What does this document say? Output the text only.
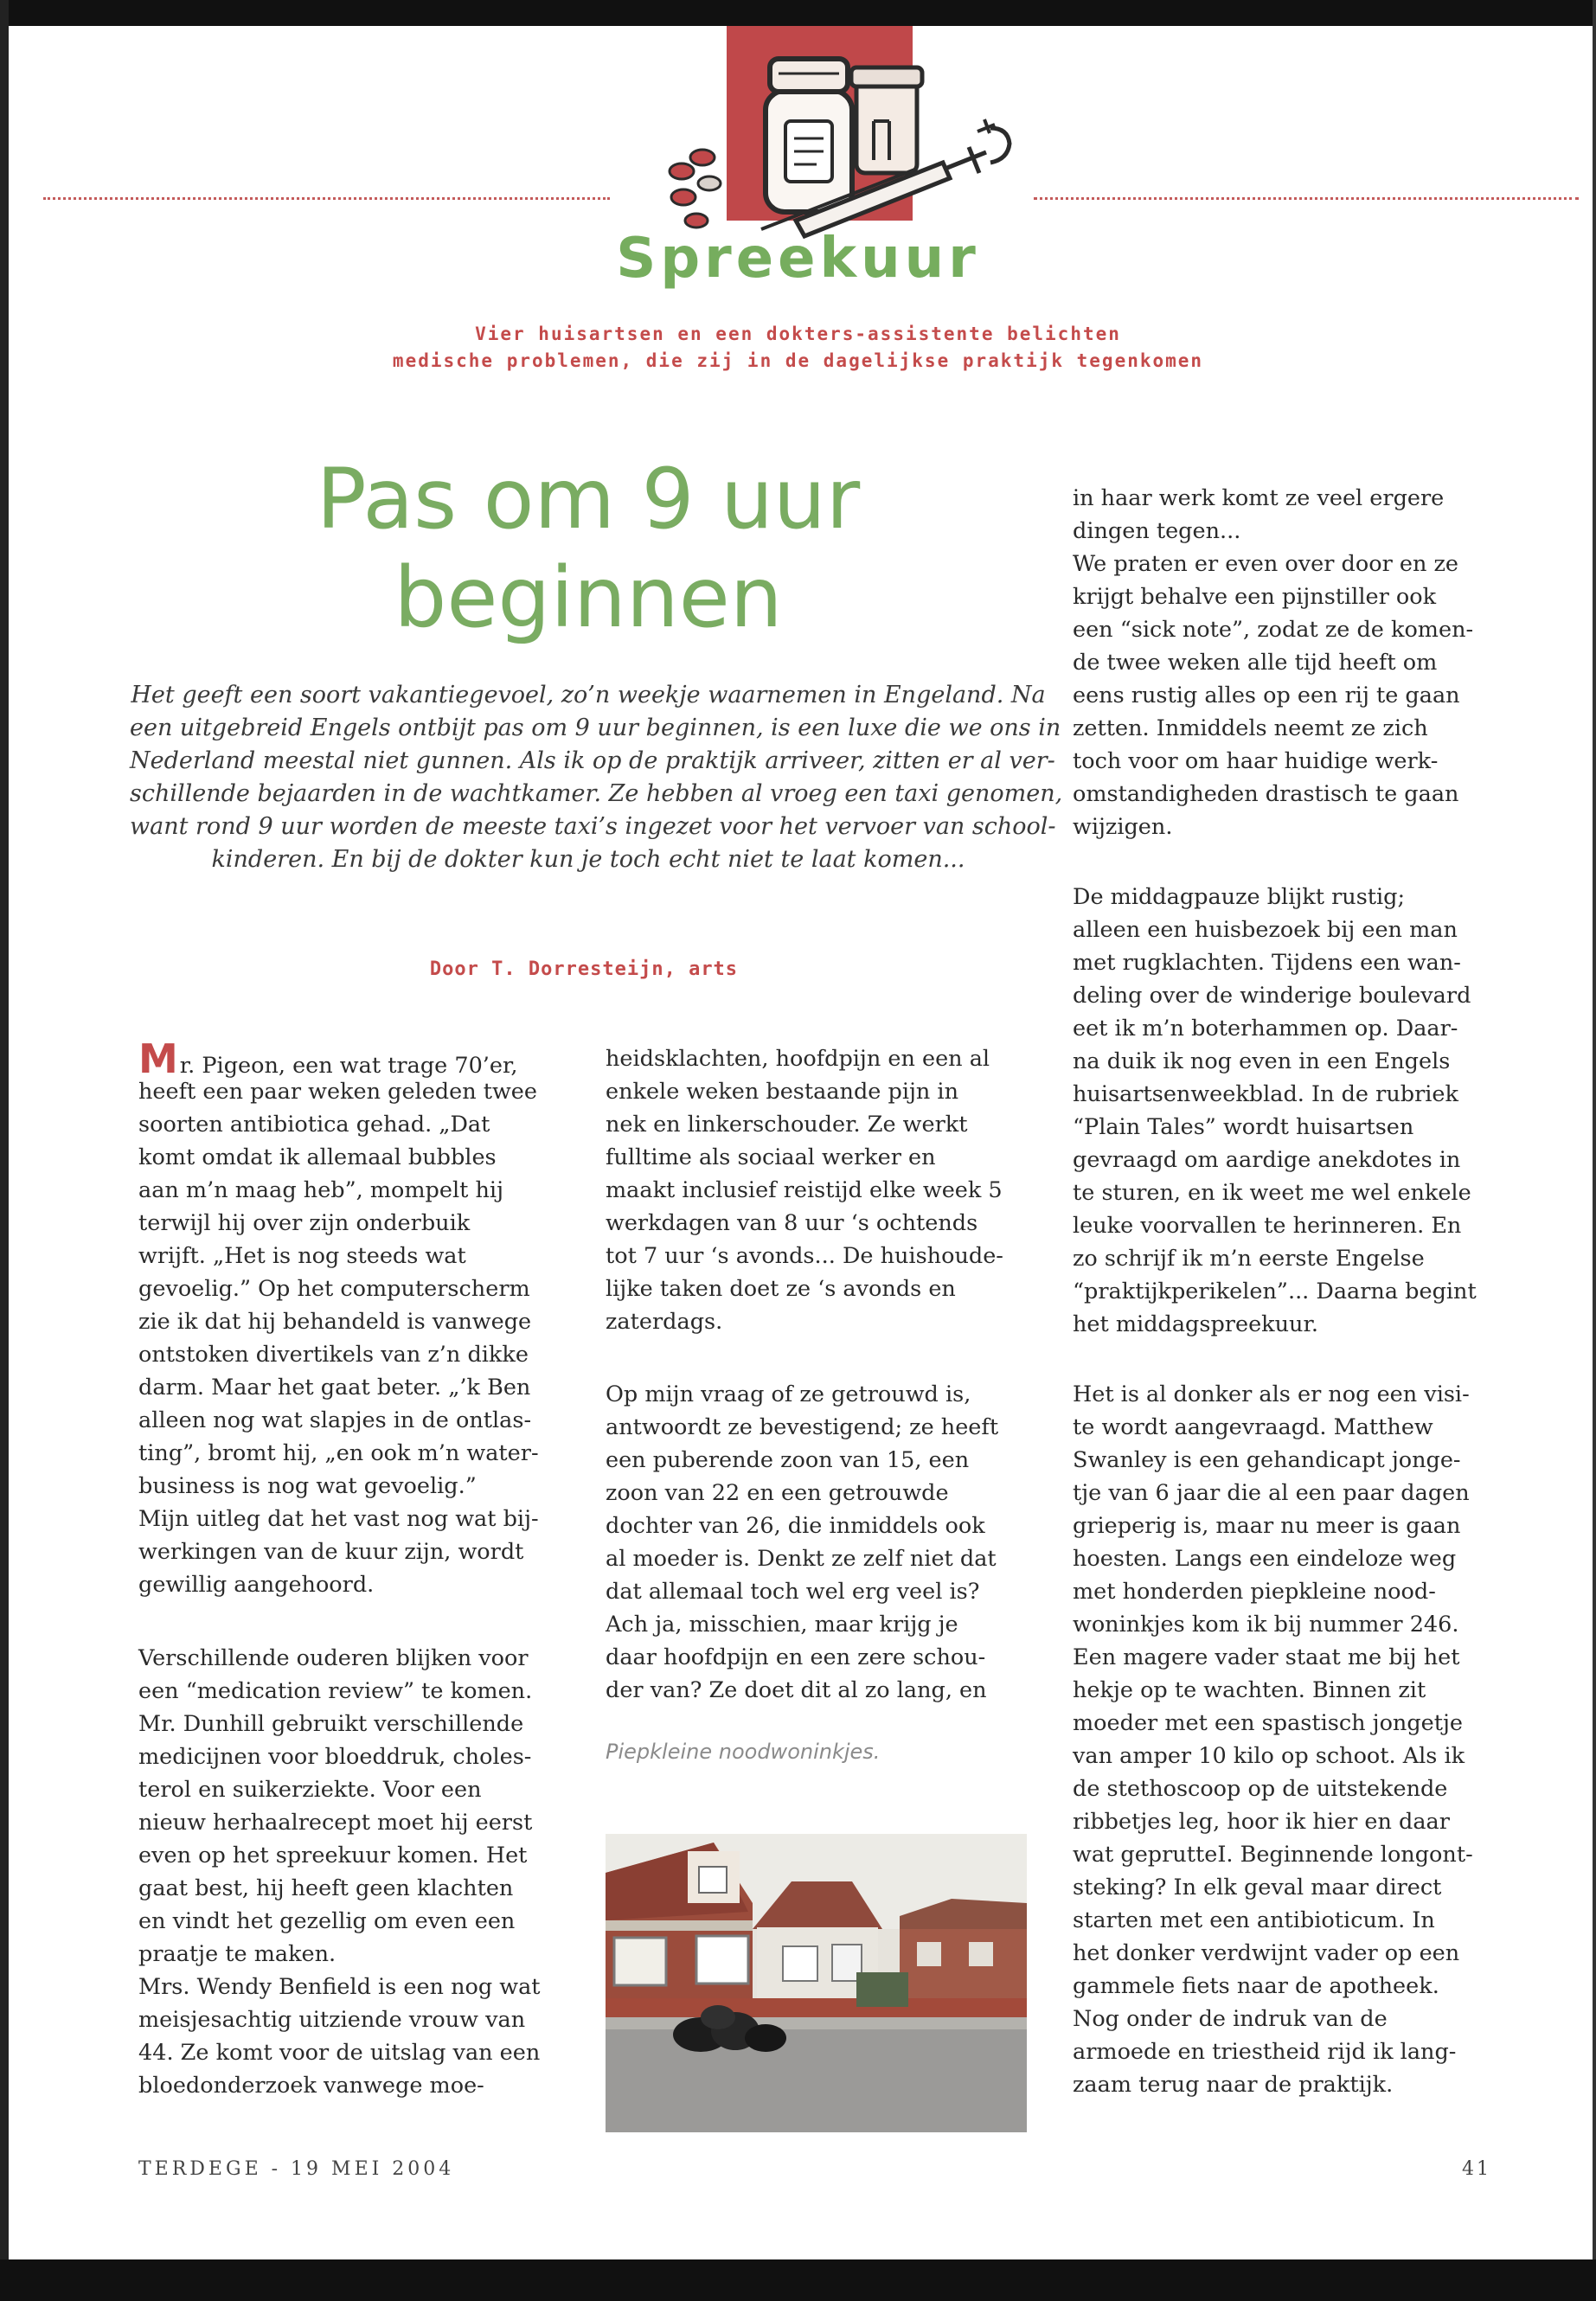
Spreekuur
Vier huisartsen en een dokters-assistente belichten
medische problemen, die zij in de dagelijkse praktijk tegenkomen
Pas om 9 uur
beginnen
Het geeft een soort vakantiegevoel, zo’n weekje waarnemen in Engeland. Na
een uitgebreid Engels ontbijt pas om 9 uur beginnen, is een luxe die we ons in
Nederland meestal niet gunnen. Als ik op de praktijk arriveer, zitten er al ver-
schillende bejaarden in de wachtkamer. Ze hebben al vroeg een taxi genomen,
want rond 9 uur worden de meeste taxi’s ingezet voor het vervoer van school-
kinderen. En bij de dokter kun je toch echt niet te laat komen...
Door T. Dorresteijn, arts
Mr. Pigeon, een wat trage 70’er,
heeft een paar weken geleden twee
soorten antibiotica gehad. „Dat
komt omdat ik allemaal bubbles
aan m’n maag heb”, mompelt hij
terwijl hij over zijn onderbuik
wrijft. „Het is nog steeds wat
gevoelig.” Op het computerscherm
zie ik dat hij behandeld is vanwege
ontstoken divertikels van z’n dikke
darm. Maar het gaat beter. „’k Ben
alleen nog wat slapjes in de ontlas-
ting”, bromt hij, „en ook m’n water-
business is nog wat gevoelig.”
Mijn uitleg dat het vast nog wat bij-
werkingen van de kuur zijn, wordt
gewillig aangehoord.
Verschillende ouderen blijken voor
een “medication review” te komen.
Mr. Dunhill gebruikt verschillende
medicijnen voor bloeddruk, choles-
terol en suikerziekte. Voor een
nieuw herhaalrecept moet hij eerst
even op het spreekuur komen. Het
gaat best, hij heeft geen klachten
en vindt het gezellig om even een
praatje te maken.
Mrs. Wendy Benfield is een nog wat
meisjesachtig uitziende vrouw van
44. Ze komt voor de uitslag van een
bloedonderzoek vanwege moe-
heidsklachten, hoofdpijn en een al
enkele weken bestaande pijn in
nek en linkerschouder. Ze werkt
fulltime als sociaal werker en
maakt inclusief reistijd elke week 5
werkdagen van 8 uur ‘s ochtends
tot 7 uur ‘s avonds... De huishoude-
lijke taken doet ze ‘s avonds en
zaterdags.
Op mijn vraag of ze getrouwd is,
antwoordt ze bevestigend; ze heeft
een puberende zoon van 15, een
zoon van 22 en een getrouwde
dochter van 26, die inmiddels ook
al moeder is. Denkt ze zelf niet dat
dat allemaal toch wel erg veel is?
Ach ja, misschien, maar krijg je
daar hoofdpijn en een zere schou-
der van? Ze doet dit al zo lang, en
Piepkleine noodwoninkjes.
TERDEGE - 19 MEI 2004	41
in haar werk komt ze veel ergere
dingen tegen...
We praten er even over door en ze
krijgt behalve een pijnstiller ook
een “sick note”, zodat ze de komen-
de twee weken alle tijd heeft om
eens rustig alles op een rij te gaan
zetten. Inmiddels neemt ze zich
toch voor om haar huidige werk-
omstandigheden drastisch te gaan
wijzigen.
De middagpauze blijkt rustig;
alleen een huisbezoek bij een man
met rugklachten. Tijdens een wan-
deling over de winderige boulevard
eet ik m’n boterhammen op. Daar-
na duik ik nog even in een Engels
huisartsenweekblad. In de rubriek
“Plain Tales” wordt huisartsen
gevraagd om aardige anekdotes in
te sturen, en ik weet me wel enkele
leuke voorvallen te herinneren. En
zo schrijf ik m’n eerste Engelse
“praktijkperikelen”... Daarna begint
het middagspreekuur.
Het is al donker als er nog een visi-
te wordt aangevraagd. Matthew
Swanley is een gehandicapt jonge-
tje van 6 jaar die al een paar dagen
grieperig is, maar nu meer is gaan
hoesten. Langs een eindeloze weg
met honderden piepkleine nood-
woninkjes kom ik bij nummer 246.
Een magere vader staat me bij het
hekje op te wachten. Binnen zit
moeder met een spastisch jongetje
van amper 10 kilo op schoot. Als ik
de stethoscoop op de uitstekende
ribbetjes leg, hoor ik hier en daar
wat geprutteI. Beginnende longont-
steking? In elk geval maar direct
starten met een antibioticum. In
het donker verdwijnt vader op een
gammele fiets naar de apotheek.
Nog onder de indruk van de
armoede en triestheid rijd ik lang-
zaam terug naar de praktijk.
